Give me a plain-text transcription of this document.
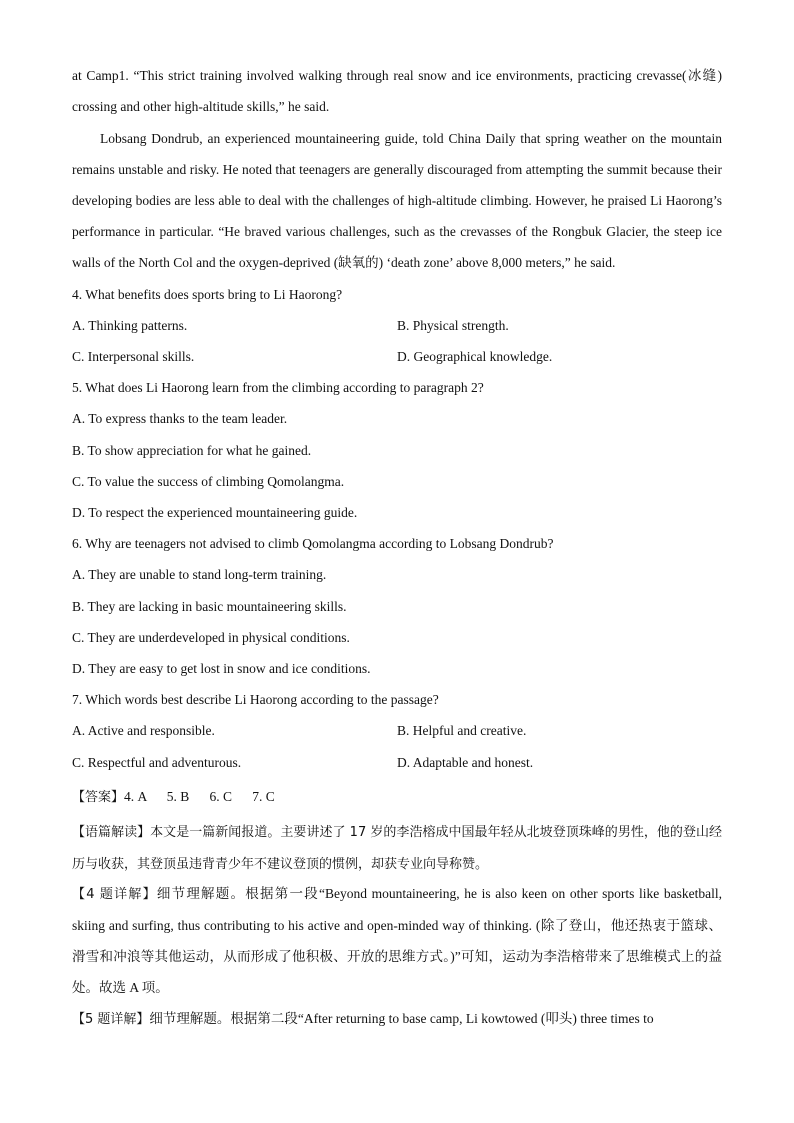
at Camp1. “This strict training involved walking through real snow and ice environments, practicing crevasse(冰缝) crossing and other high-altitude skills,” he said.
Lobsang Dondrub, an experienced mountaineering guide, told China Daily that spring weather on the mountain remains unstable and risky. He noted that teenagers are generally discouraged from attempting the summit because their developing bodies are less able to deal with the challenges of high-altitude climbing. However, he praised Li Haorong’s performance in particular. “He braved various challenges, such as the crevasses of the Rongbuk Glacier, the steep ice walls of the North Col and the oxygen-deprived (缺氧的) ‘death zone’ above 8,000 meters,” he said.
4. What benefits does sports bring to Li Haorong?
A. Thinking patterns.	B. Physical strength.
C. Interpersonal skills.	D. Geographical knowledge.
5. What does Li Haorong learn from the climbing according to paragraph 2?
A. To express thanks to the team leader.
B. To show appreciation for what he gained.
C. To value the success of climbing Qomolangma.
D. To respect the experienced mountaineering guide.
6. Why are teenagers not advised to climb Qomolangma according to Lobsang Dondrub?
A. They are unable to stand long-term training.
B. They are lacking in basic mountaineering skills.
C. They are underdeveloped in physical conditions.
D. They are easy to get lost in snow and ice conditions.
7. Which words best describe Li Haorong according to the passage?
A. Active and responsible.	B. Helpful and creative.
C. Respectful and adventurous.	D. Adaptable and honest.
【答案】4. A      5. B      6. C      7. C
【语篇解读】本文是一篇新闻报道。主要讲述了 17 岁的李浩榕成中国最年轻从北坡登顶珠峰的男性，他的登山经历与收获，其登顶虽违背青少年不建议登顶的惯例，却获专业向导称赞。
【4 题详解】细节理解题。根据第一段“Beyond mountaineering, he is also keen on other sports like basketball, skiing and surfing, thus contributing to his active and open-minded way of thinking. (除了登山，他还热衷于篮球、滑雪和冲浪等其他运动，从而形成了他积极、开放的思维方式。)”可知，运动为李浩榕带来了思维模式上的益处。故选 A 项。
【5 题详解】细节理解题。根据第二段“After returning to base camp, Li kowtowed (叩头) three times to
